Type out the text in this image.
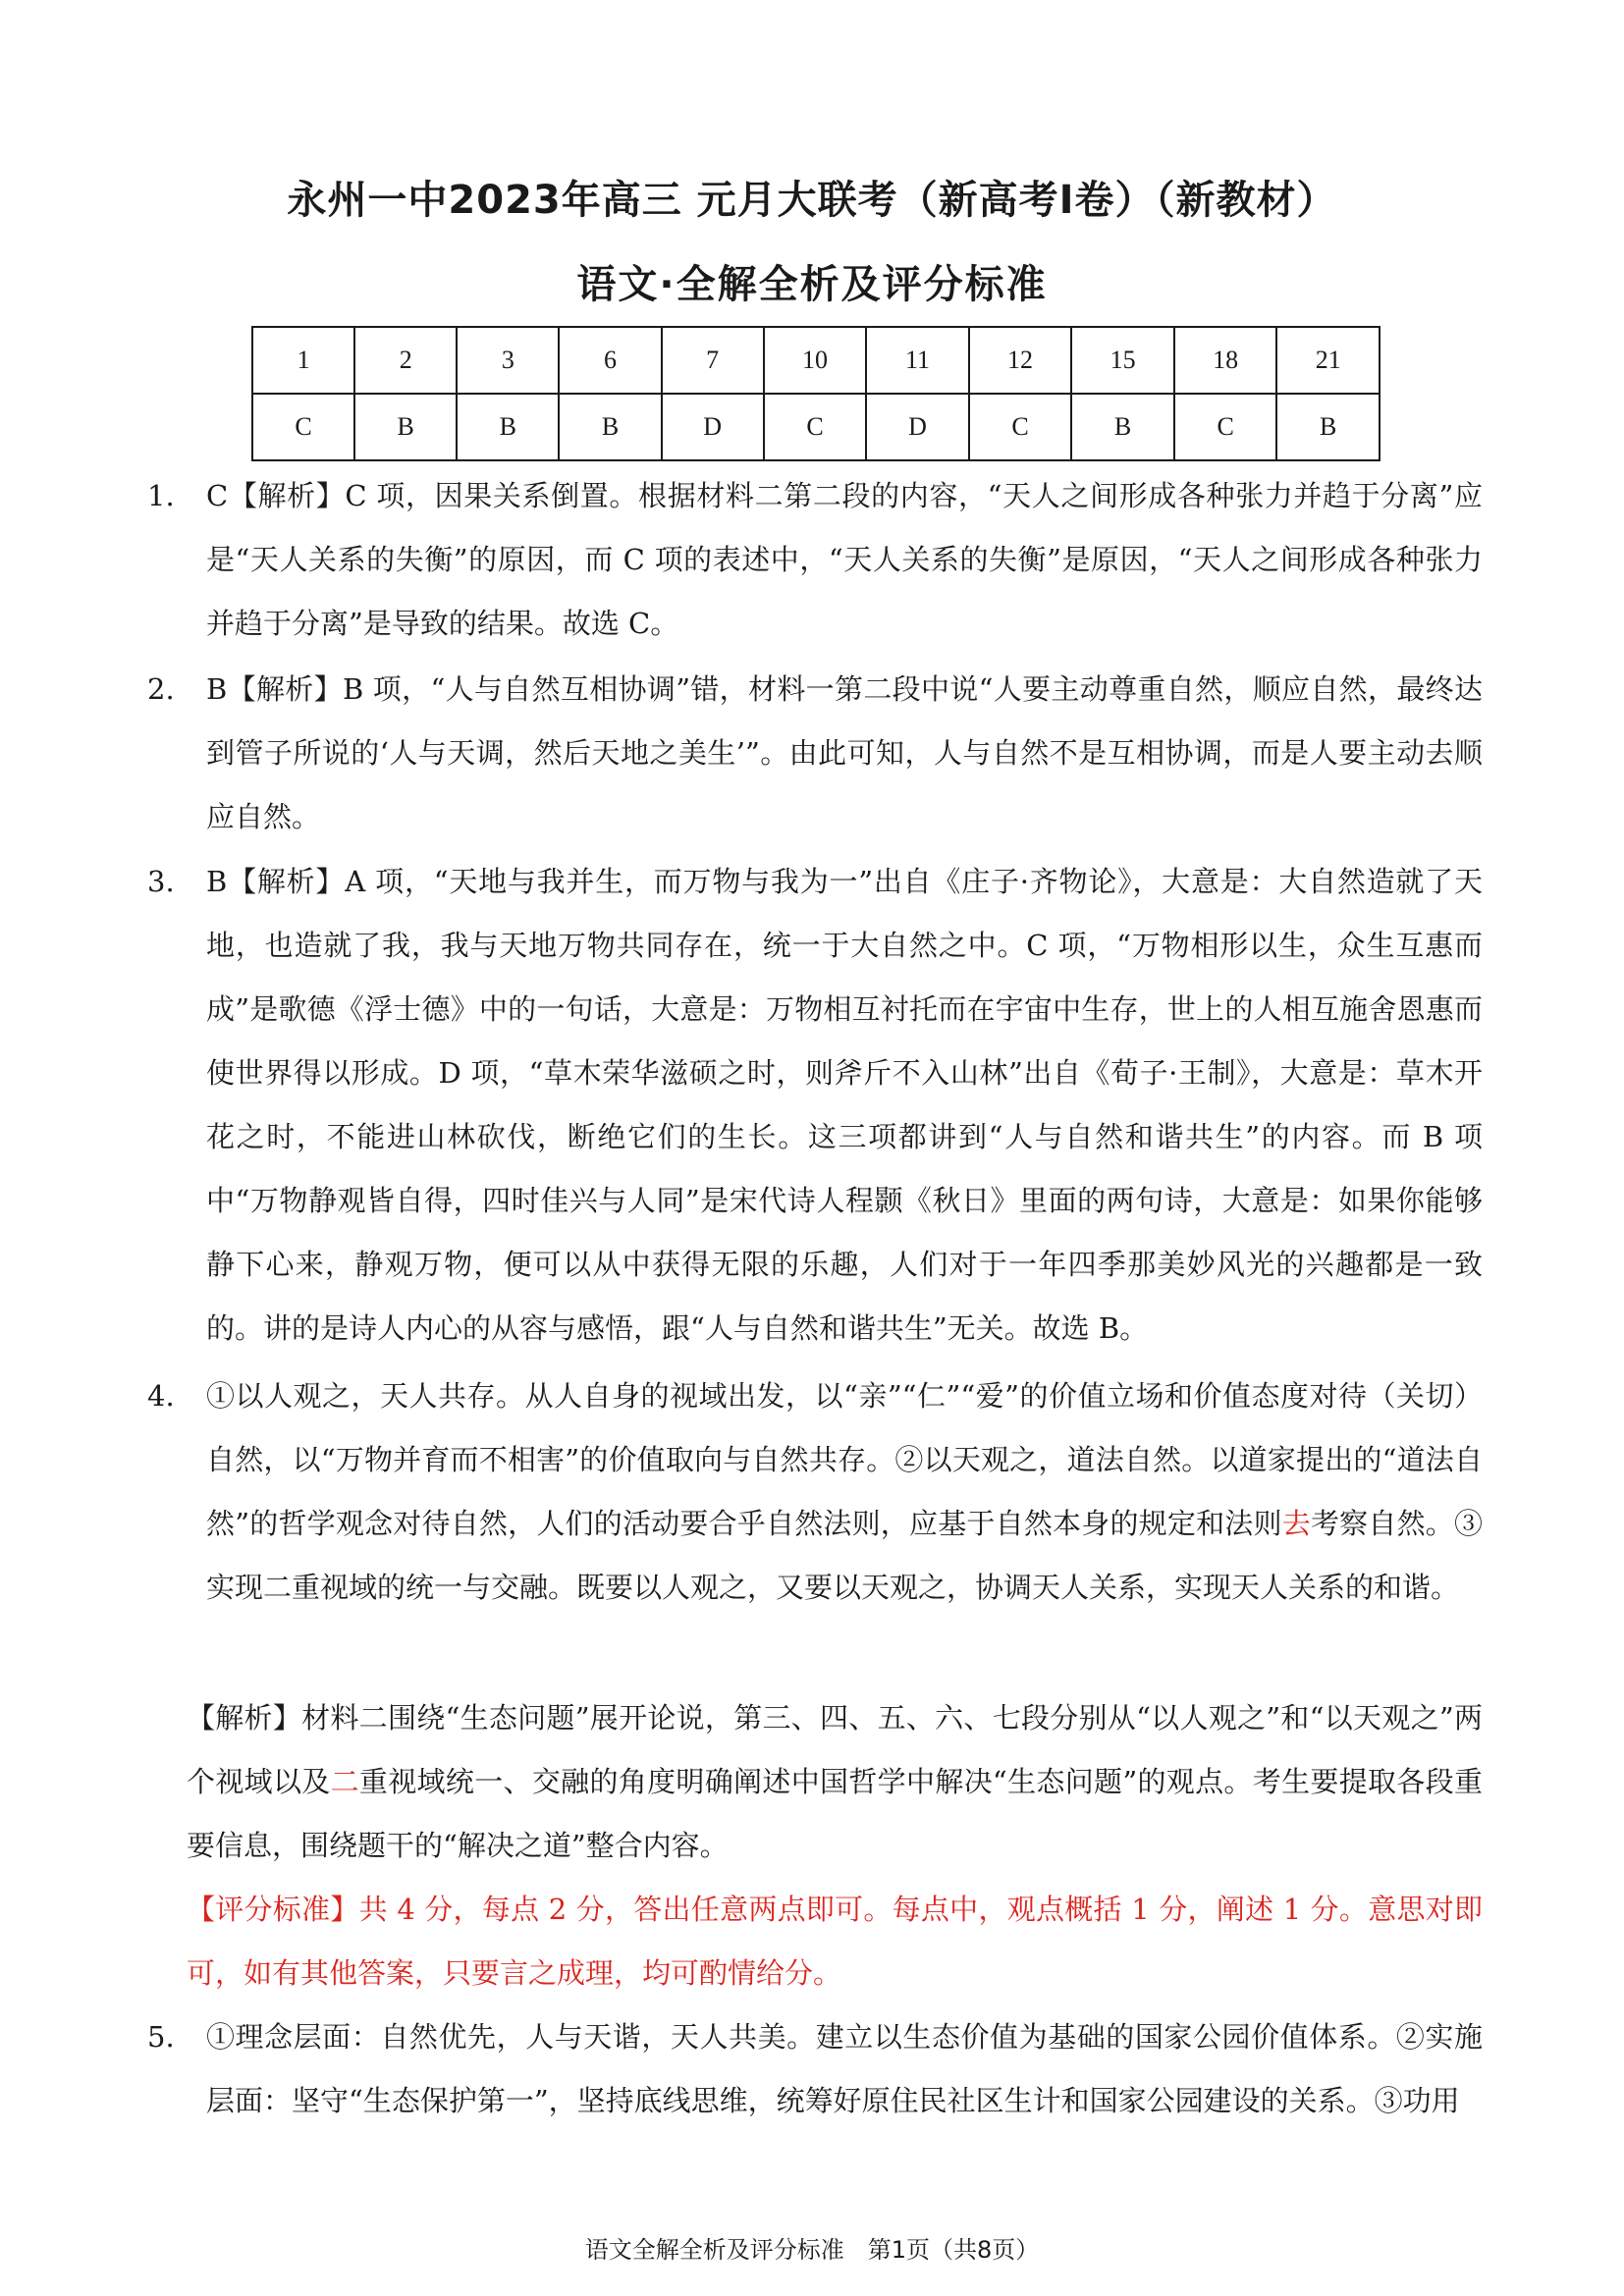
永州一中2023年高三 元月大联考（新高考Ⅰ卷）（新教材）
语文·全解全析及评分标准
1	2	3	6	7	10	11	12	15	18	21
C	B	B	B	D	C	D	C	B	C	B
1. C【解析】C 项，因果关系倒置。根据材料二第二段的内容，“天人之间形成各种张力并趋于分离”应是“天人关系的失衡”的原因，而 C 项的表述中，“天人关系的失衡”是原因，“天人之间形成各种张力并趋于分离”是导致的结果。故选 C。
2. B【解析】B 项，“人与自然互相协调”错，材料一第二段中说“人要主动尊重自然，顺应自然，最终达到管子所说的‘人与天调，然后天地之美生’”。由此可知，人与自然不是互相协调，而是人要主动去顺应自然。
3. B【解析】A 项，“天地与我并生，而万物与我为一”出自《庄子·齐物论》，大意是：大自然造就了天地，也造就了我，我与天地万物共同存在，统一于大自然之中。C 项，“万物相形以生，众生互惠而成”是歌德《浮士德》中的一句话，大意是：万物相互衬托而在宇宙中生存，世上的人相互施舍恩惠而使世界得以形成。D 项，“草木荣华滋硕之时，则斧斤不入山林”出自《荀子·王制》，大意是：草木开花之时，不能进山林砍伐，断绝它们的生长。这三项都讲到“人与自然和谐共生”的内容。而 B 项中“万物静观皆自得，四时佳兴与人同”是宋代诗人程颢《秋日》里面的两句诗，大意是：如果你能够静下心来，静观万物，便可以从中获得无限的乐趣，人们对于一年四季那美妙风光的兴趣都是一致的。讲的是诗人内心的从容与感悟，跟“人与自然和谐共生”无关。故选 B。
4. ①以人观之，天人共存。从人自身的视域出发，以“亲”“仁”“爱”的价值立场和价值态度对待（关切）自然，以“万物并育而不相害”的价值取向与自然共存。②以天观之，道法自然。以道家提出的“道法自然”的哲学观念对待自然，人们的活动要合乎自然法则，应基于自然本身的规定和法则去考察自然。③实现二重视域的统一与交融。既要以人观之，又要以天观之，协调天人关系，实现天人关系的和谐。
【解析】材料二围绕“生态问题”展开论说，第三、四、五、六、七段分别从“以人观之”和“以天观之”两个视域以及二重视域统一、交融的角度明确阐述中国哲学中解决“生态问题”的观点。考生要提取各段重要信息，围绕题干的“解决之道”整合内容。
【评分标准】共 4 分，每点 2 分，答出任意两点即可。每点中，观点概括 1 分，阐述 1 分。意思对即可，如有其他答案，只要言之成理，均可酌情给分。
5. ①理念层面：自然优先，人与天谐，天人共美。建立以生态价值为基础的国家公园价值体系。②实施层面：坚守“生态保护第一”，坚持底线思维，统筹好原住民社区生计和国家公园建设的关系。③功用
语文全解全析及评分标准　第1页（共8页）
